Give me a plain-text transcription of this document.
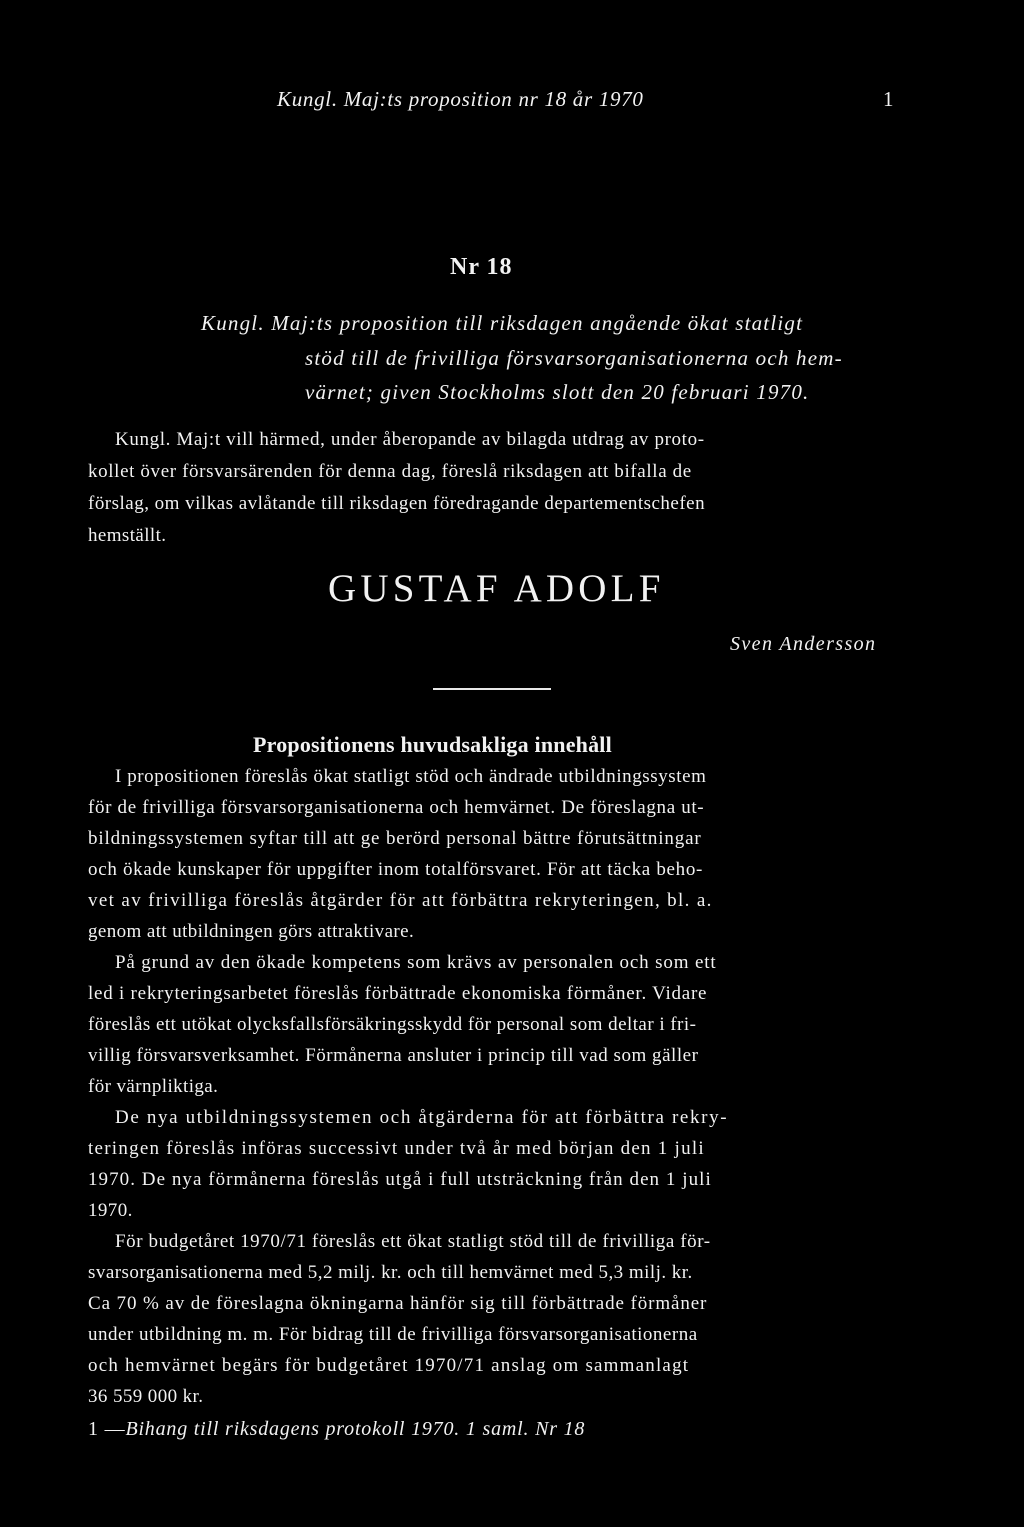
Kungl. Maj:ts proposition nr 18 år 1970	1
Nr 18
Kungl. Maj:ts proposition till riksdagen angående ökat statligt
stöd till de frivilliga försvarsorganisationerna och hem-
värnet; given Stockholms slott den 20 februari 1970.
Kungl. Maj:t vill härmed, under åberopande av bilagda utdrag av proto-
kollet över försvarsärenden för denna dag, föreslå riksdagen att bifalla de
förslag, om vilkas avlåtande till riksdagen föredragande departementschefen
hemställt.
GUSTAF ADOLF
Sven Andersson
Propositionens huvudsakliga innehåll
I propositionen föreslås ökat statligt stöd och ändrade utbildningssystem
för de frivilliga försvarsorganisationerna och hemvärnet. De föreslagna ut-
bildningssystemen syftar till att ge berörd personal bättre förutsättningar
och ökade kunskaper för uppgifter inom totalförsvaret. För att täcka beho-
vet av frivilliga föreslås åtgärder för att förbättra rekryteringen, bl. a.
genom att utbildningen görs attraktivare.
På grund av den ökade kompetens som krävs av personalen och som ett
led i rekryteringsarbetet föreslås förbättrade ekonomiska förmåner. Vidare
föreslås ett utökat olycksfallsförsäkringsskydd för personal som deltar i fri-
villig försvarsverksamhet. Förmånerna ansluter i princip till vad som gäller
för värnpliktiga.
De nya utbildningssystemen och åtgärderna för att förbättra rekry-
teringen föreslås införas successivt under två år med början den 1 juli
1970. De nya förmånerna föreslås utgå i full utsträckning från den 1 juli
1970.
För budgetåret 1970/71 föreslås ett ökat statligt stöd till de frivilliga för-
svarsorganisationerna med 5,2 milj. kr. och till hemvärnet med 5,3 milj. kr.
Ca 70 % av de föreslagna ökningarna hänför sig till förbättrade förmåner
under utbildning m. m. För bidrag till de frivilliga försvarsorganisationerna
och hemvärnet begärs för budgetåret 1970/71 anslag om sammanlagt
36 559 000 kr.
1 —Bihang till riksdagens protokoll 1970. 1 saml. Nr 18
